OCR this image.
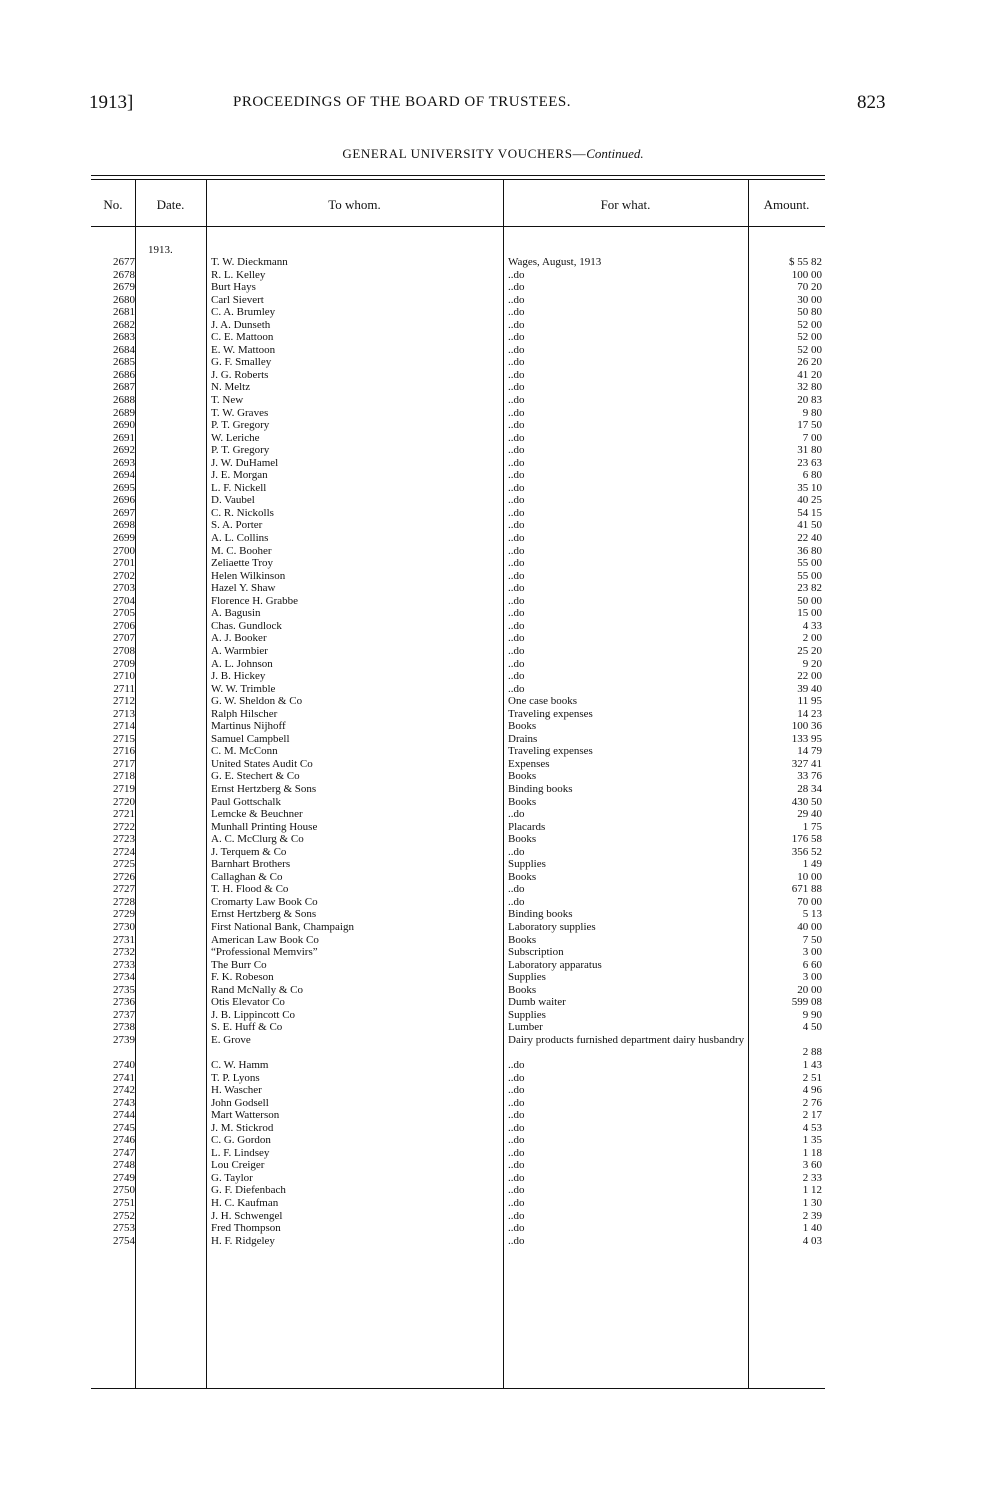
1913]	PROCEEDINGS OF THE BOARD OF TRUSTEES.	823
GENERAL UNIVERSITY VOUCHERS—Continued.
No.	Date.	To whom.	For what.	Amount.
1913.
2677	T. W. Dieckmann	Wages, August, 1913	$ 55 82
2678	R. L. Kelley	..do	100 00
2679	Burt Hays	..do	70 20
2680	Carl Sievert	..do	30 00
2681	C. A. Brumley	..do	50 80
2682	J. A. Dunseth	..do	52 00
2683	C. E. Mattoon	..do	52 00
2684	E. W. Mattoon	..do	52 00
2685	G. F. Smalley	..do	26 20
2686	J. G. Roberts	..do	41 20
2687	N. Meltz	..do	32 80
2688	T. New	..do	20 83
2689	T. W. Graves	..do	9 80
2690	P. T. Gregory	..do	17 50
2691	W. Leriche	..do	7 00
2692	P. T. Gregory	..do	31 80
2693	J. W. DuHamel	..do	23 63
2694	J. E. Morgan	..do	6 80
2695	L. F. Nickell	..do	35 10
2696	D. Vaubel	..do	40 25
2697	C. R. Nickolls	..do	54 15
2698	S. A. Porter	..do	41 50
2699	A. L. Collins	..do	22 40
2700	M. C. Booher	..do	36 80
2701	Zeliaette Troy	..do	55 00
2702	Helen Wilkinson	..do	55 00
2703	Hazel Y. Shaw	..do	23 82
2704	Florence H. Grabbe	..do	50 00
2705	A. Bagusin	..do	15 00
2706	Chas. Gundlock	..do	4 33
2707	A. J. Booker	..do	2 00
2708	A. Warmbier	..do	25 20
2709	A. L. Johnson	..do	9 20
2710	J. B. Hickey	..do	22 00
2711	W. W. Trimble	..do	39 40
2712	G. W. Sheldon & Co	One case books	11 95
2713	Ralph Hilscher	Traveling expenses	14 23
2714	Martinus Nijhoff	Books	100 36
2715	Samuel Campbell	Drains	133 95
2716	C. M. McConn	Traveling expenses	14 79
2717	United States Audit Co	Expenses	327 41
2718	G. E. Stechert & Co	Books	33 76
2719	Ernst Hertzberg & Sons	Binding books	28 34
2720	Paul Gottschalk	Books	430 50
2721	Lemcke & Beuchner	..do	29 40
2722	Munhall Printing House	Placards	1 75
2723	A. C. McClurg & Co	Books	176 58
2724	J. Terquem & Co	..do	356 52
2725	Barnhart Brothers	Supplies	1 49
2726	Callaghan & Co	Books	10 00
2727	T. H. Flood & Co	..do	671 88
2728	Cromarty Law Book Co	..do	70 00
2729	Ernst Hertzberg & Sons	Binding books	5 13
2730	First National Bank, Champaign	Laboratory supplies	40 00
2731	American Law Book Co	Books	7 50
2732	“Professional Memvirs”	Subscription	3 00
2733	The Burr Co	Laboratory apparatus	6 60
2734	F. K. Robeson	Supplies	3 00
2735	Rand McNally & Co	Books	20 00
2736	Otis Elevator Co	Dumb waiter	599 08
2737	J. B. Lippincott Co	Supplies	9 90
2738	S. E. Huff & Co	Lumber	4 50
2739	E. Grove	Dairy products furnished department dairy husbandry
2 88
2740	C. W. Hamm	..do	1 43
2741	T. P. Lyons	..do	2 51
2742	H. Wascher	..do	4 96
2743	John Godsell	..do	2 76
2744	Mart Watterson	..do	2 17
2745	J. M. Stickrod	..do	4 53
2746	C. G. Gordon	..do	1 35
2747	L. F. Lindsey	..do	1 18
2748	Lou Creiger	..do	3 60
2749	G. Taylor	..do	2 33
2750	G. F. Diefenbach	..do	1 12
2751	H. C. Kaufman	..do	1 30
2752	J. H. Schwengel	..do	2 39
2753	Fred Thompson	..do	1 40
2754	H. F. Ridgeley	..do	4 03
